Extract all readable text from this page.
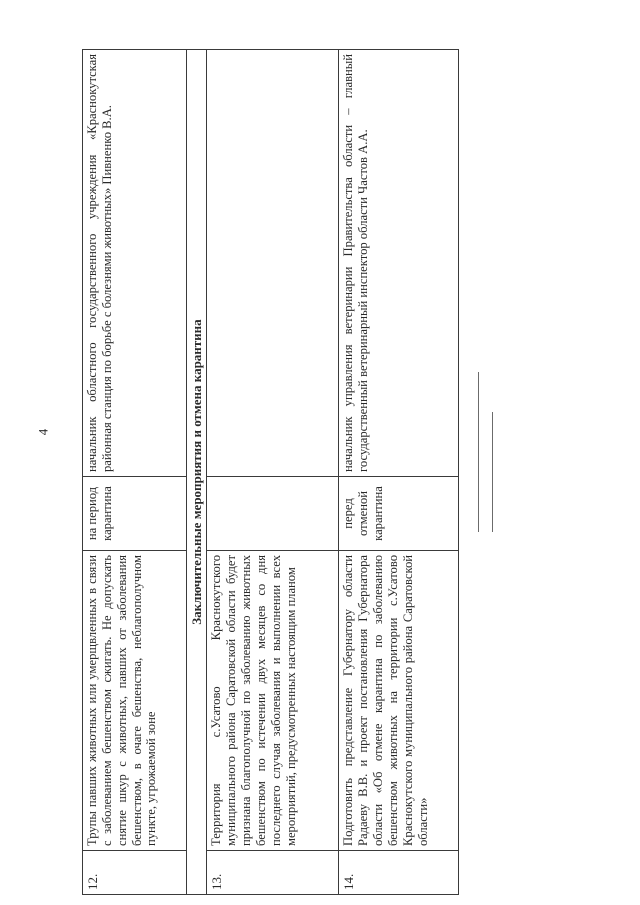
4
12.	Трупы павших животных или умерщвленных в связи с заболеванием бешенством сжигать. Не допускать снятие шкур с животных, павших от заболевания бешенством, в очаге бешенства, неблагополучном пункте, угрожаемой зоне	на период карантина	начальник областного государственного учреждения «Краснокутская районная станция по борьбе с болезнями животных» Пивненко В.А.
Заключительные мероприятия и отмена карантина			
13.	Территория с.Усатово Краснокутского муниципального района Саратовской области будет признана благополучной по заболеванию животных бешенством по истечении двух месяцев со дня последнего случая заболевания и выполнении всех мероприятий, предусмотренных настоящим планом		
14.	Подготовить представление Губернатору области Радаеву В.В. и проект постановления Губернатора области «Об отмене карантина по заболеванию бешенством животных на территории с.Усатово Краснокутского муниципального района Саратовской области»	перед отменой карантина	начальник управления ветеринарии Правительства области – главный государственный ветеринарный инспектор области Частов А.А.
